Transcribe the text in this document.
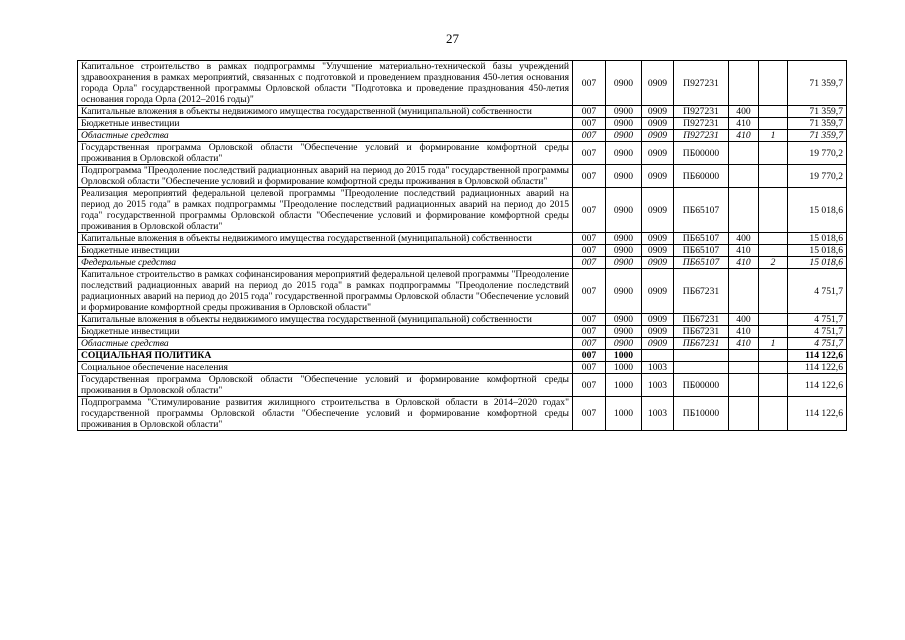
27
Капитальное строительство в рамках подпрограммы "Улучшение материально-технической базы учреждений здравоохранения в рамках мероприятий, связанных с подготовкой и проведением празднования 450-летия основания города Орла" государственной программы Орловской области "Подготовка и проведение празднования 450-летия основания города Орла (2012–2016 годы)"	007	0900	0909	П927231			71 359,7
Капитальные вложения в объекты недвижимого имущества государственной (муниципальной) собственности	007	0900	0909	П927231	400		71 359,7
Бюджетные инвестиции	007	0900	0909	П927231	410		71 359,7
Областные средства	007	0900	0909	П927231	410	1	71 359,7
Государственная программа Орловской области "Обеспечение условий и формирование комфортной среды проживания в Орловской области"	007	0900	0909	ПБ00000			19 770,2
Подпрограмма "Преодоление последствий радиационных аварий на период до 2015 года" государственной программы Орловской области "Обеспечение условий и формирование комфортной среды проживания в Орловской области"	007	0900	0909	ПБ60000			19 770,2
Реализация мероприятий федеральной целевой программы "Преодоление последствий радиационных аварий на период до 2015 года" в рамках подпрограммы "Преодоление последствий радиационных аварий на период до 2015 года" государственной программы Орловской области "Обеспечение условий и формирование комфортной среды проживания в Орловской области"	007	0900	0909	ПБ65107			15 018,6
Капитальные вложения в объекты недвижимого имущества государственной (муниципальной) собственности	007	0900	0909	ПБ65107	400		15 018,6
Бюджетные инвестиции	007	0900	0909	ПБ65107	410		15 018,6
Федеральные средства	007	0900	0909	ПБ65107	410	2	15 018,6
Капитальное строительство в рамках софинансирования мероприятий федеральной целевой программы "Преодоление последствий радиационных аварий на период до 2015 года" в рамках подпрограммы "Преодоление последствий радиационных аварий на период до 2015 года" государственной программы Орловской области "Обеспечение условий и формирование комфортной среды проживания в Орловской области"	007	0900	0909	ПБ67231			4 751,7
Капитальные вложения в объекты недвижимого имущества государственной (муниципальной) собственности	007	0900	0909	ПБ67231	400		4 751,7
Бюджетные инвестиции	007	0900	0909	ПБ67231	410		4 751,7
Областные средства	007	0900	0909	ПБ67231	410	1	4 751,7
СОЦИАЛЬНАЯ ПОЛИТИКА	007	1000					114 122,6
Социальное обеспечение населения	007	1000	1003				114 122,6
Государственная программа Орловской области "Обеспечение условий и формирование комфортной среды проживания в Орловской области"	007	1000	1003	ПБ00000			114 122,6
Подпрограмма "Стимулирование развития жилищного строительства в Орловской области в 2014–2020 годах" государственной программы Орловской области "Обеспечение условий и формирование комфортной среды проживания в Орловской области"	007	1000	1003	ПБ10000			114 122,6
